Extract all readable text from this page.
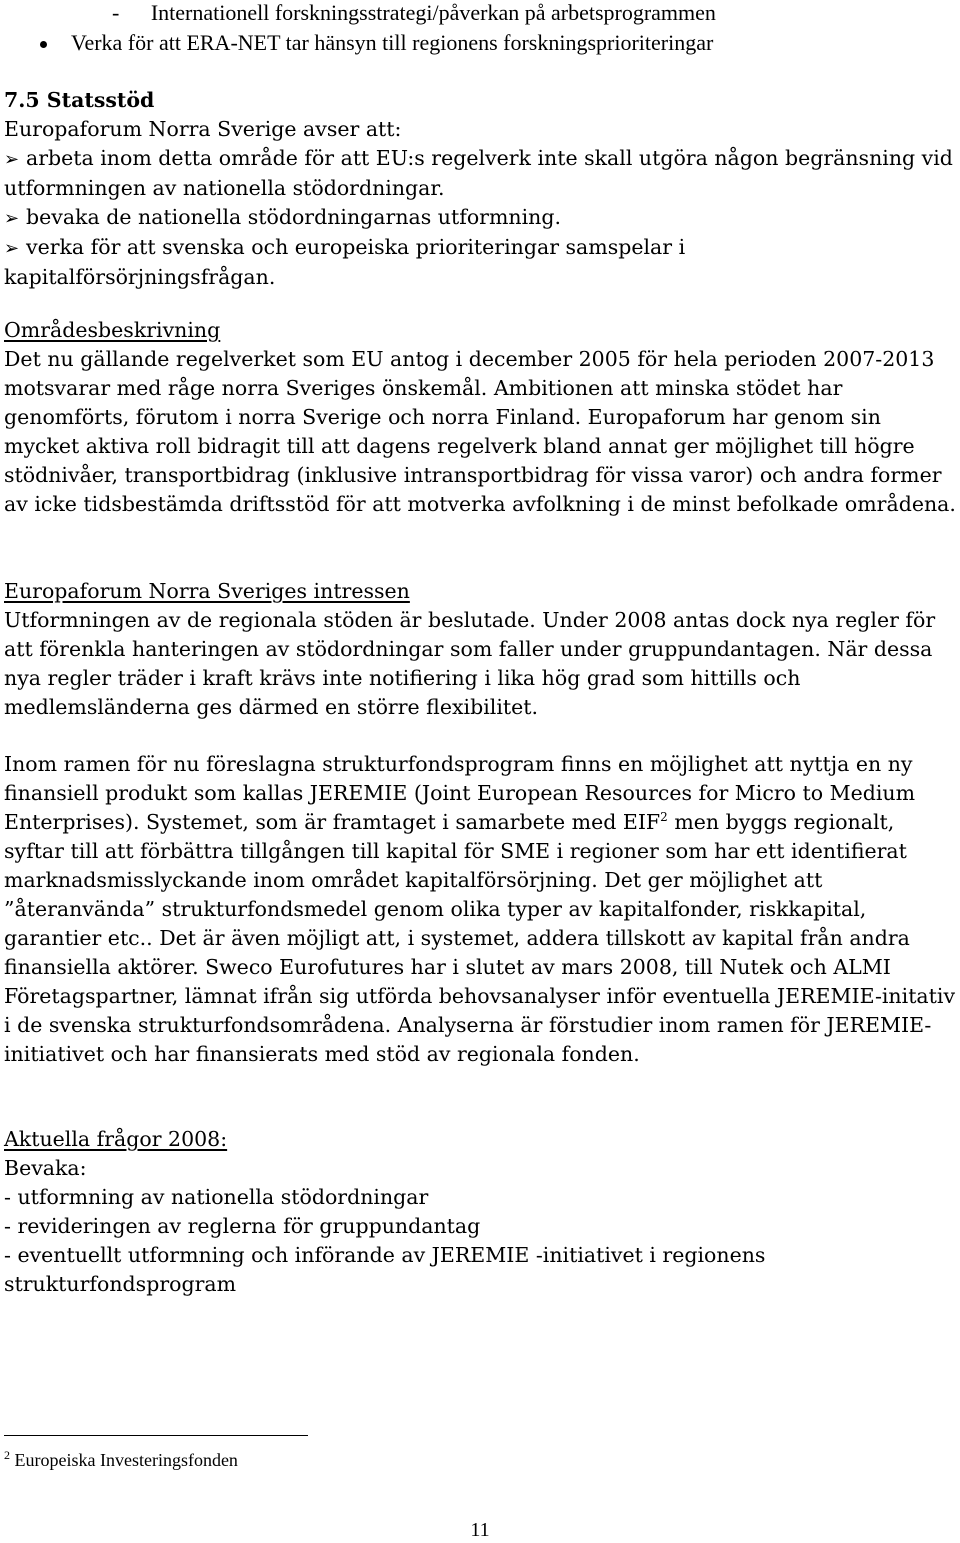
- Internationell forskningsstrategi/påverkan på arbetsprogrammen
Verka för att ERA-NET tar hänsyn till regionens forskningsprioriteringar
7.5 Statsstöd
Europaforum Norra Sverige avser att:
➢ arbeta inom detta område för att EU:s regelverk inte skall utgöra någon begränsning vid utformningen av nationella stödordningar.
➢ bevaka de nationella stödordningarnas utformning.
➢ verka för att svenska och europeiska prioriteringar samspelar i kapitalförsörjningsfrågan.
Områdesbeskrivning
Det nu gällande regelverket som EU antog i december 2005 för hela perioden 2007-2013 motsvarar med råge norra Sveriges önskemål. Ambitionen att minska stödet har genomförts, förutom i norra Sverige och norra Finland. Europaforum har genom sin mycket aktiva roll bidragit till att dagens regelverk bland annat ger möjlighet till högre stödnivåer, transportbidrag (inklusive intransportbidrag för vissa varor) och andra former av icke tidsbestämda driftsstöd för att motverka avfolkning i de minst befolkade områdena.
Europaforum Norra Sveriges intressen
Utformningen av de regionala stöden är beslutade. Under 2008 antas dock nya regler för att förenkla hanteringen av stödordningar som faller under gruppundantagen. När dessa nya regler träder i kraft krävs inte notifiering i lika hög grad som hittills och medlemsländerna ges därmed en större flexibilitet.
Inom ramen för nu föreslagna strukturfondsprogram finns en möjlighet att nyttja en ny finansiell produkt som kallas JEREMIE (Joint European Resources for Micro to Medium Enterprises). Systemet, som är framtaget i samarbete med EIF$^2$ men byggs regionalt, syftar till att förbättra tillgången till kapital för SME i regioner som har ett identifierat marknadsmisslyckande inom området kapitalförsörjning. Det ger möjlighet att ”återanvända” strukturfondsmedel genom olika typer av kapitalfonder, riskkapital, garantier etc.. Det är även möjligt att, i systemet, addera tillskott av kapital från andra finansiella aktörer. Sweco Eurofutures har i slutet av mars 2008, till Nutek och ALMI Företagspartner, lämnat ifrån sig utförda behovsanalyser inför eventuella JEREMIE-initativ i de svenska strukturfondsområdena. Analyserna är förstudier inom ramen för JEREMIE-initiativet och har finansierats med stöd av regionala fonden.
Aktuella frågor 2008:
Bevaka:
- utformning av nationella stödordningar
- revideringen av reglerna för gruppundantag
- eventuellt utformning och införande av JEREMIE -initiativet i regionens strukturfondsprogram
$^2$ Europeiska Investeringsfonden
11
